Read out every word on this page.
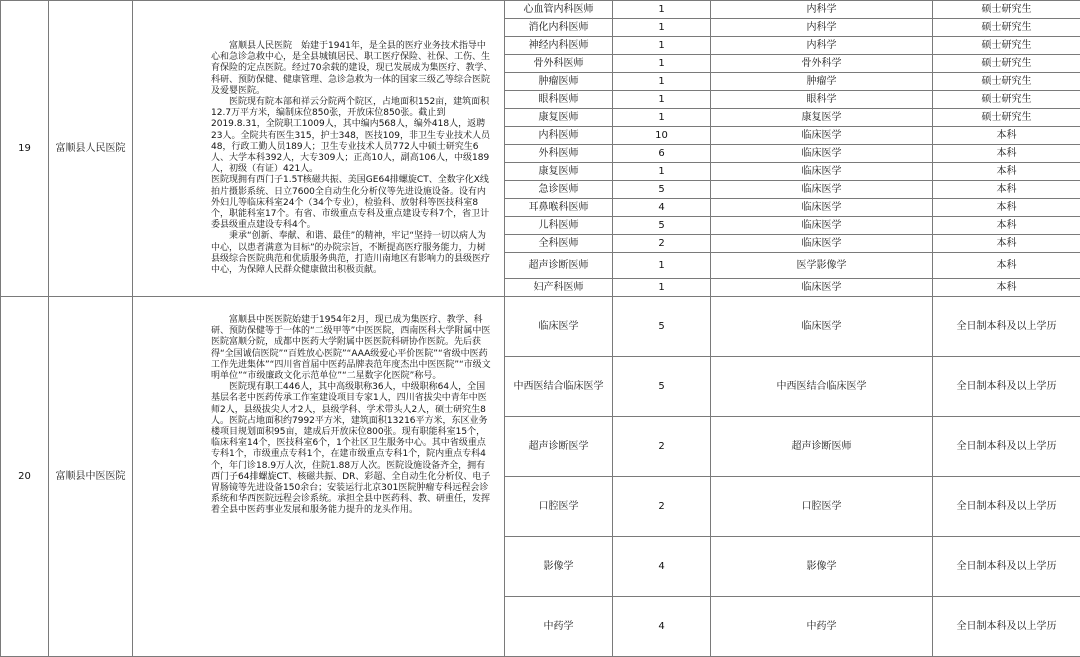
19	富顺县人民医院	富顺县人民医院　始建于1941年，是全县的医疗业务技术指导中心和急诊急救中心，是全县城镇居民、职工医疗保险、社保、工伤、生育保险的定点医院。经过70余载的建设，现已发展成为集医疗、教学、科研、预防保健、健康管理、急诊急救为一体的国家三级乙等综合医院及爱婴医院。

医院现有院本部和祥云分院两个院区，占地面积152亩，建筑面积12.7万平方米，编制床位850张，开放床位850张。截止到2019.8.31，全院职工1009人，其中编内568人，编外418人，返聘23人。全院共有医生315，护士348，医技109，非卫生专业技术人员48，行政工勤人员189人；卫生专业技术人员772人中硕士研究生6人、大学本科392人，大专309人；正高10人，副高106人，中级189人，初级（有证）421人。

医院现拥有西门子1.5T核磁共振、美国GE64排螺旋CT、全数字化X线拍片摄影系统、日立7600全自动生化分析仪等先进设施设备。设有内外妇儿等临床科室24个（34个专业），检验科、放射科等医技科室8个，职能科室17个。有省、市级重点专科及重点建设专科7个，省卫计委县级重点建设专科4个。

秉承“创新、奉献、和谐、最佳”的精神，牢记“坚持一切以病人为中心，以患者满意为目标”的办院宗旨，不断提高医疗服务能力，力树县级综合医院典范和优质服务典范，打造川南地区有影响力的县级医疗中心，为保障人民群众健康做出积极贡献。	心血管内科医师	1	内科学	硕士研究生
			消化内科医师	1	内科学	硕士研究生
			神经内科医师	1	内科学	硕士研究生
			骨外科医师	1	骨外科学	硕士研究生
			肿瘤医师	1	肿瘤学	硕士研究生
			眼科医师	1	眼科学	硕士研究生
			康复医师	1	康复医学	硕士研究生
			内科医师	10	临床医学	本科
			外科医师	6	临床医学	本科
			康复医师	1	临床医学	本科
			急诊医师	5	临床医学	本科
			耳鼻喉科医师	4	临床医学	本科
			儿科医师	5	临床医学	本科
			全科医师	2	临床医学	本科
			超声诊断医师	1	医学影像学	本科
			妇产科医师	1	临床医学	本科
20	富顺县中医医院	富顺县中医医院始建于1954年2月，现已成为集医疗、教学、科研、预防保健等于一体的“二级甲等”中医医院，西南医科大学附属中医医院富顺分院，成都中医药大学附属中医医院科研协作医院。先后获得“全国诚信医院”“百姓放心医院”“AAA级爱心平价医院”“省级中医药工作先进集体”“四川省首届中医药品牌表范年度杰出中医医院”“市级文明单位”“市级廉政文化示范单位”“二星数字化医院”称号。

医院现有职工446人，其中高级职称36人，中级职称64人，全国基层名老中医药传承工作室建设项目专家1人，四川省拔尖中青年中医师2人，县级拔尖人才2人，县级学科、学术带头人2人，硕士研究生8人。医院占地面积约7992平方米，建筑面积13216平方米，东区业务楼项目规划面积95亩，建成后开放床位800张。现有职能科室15个，临床科室14个，医技科室6个，1个社区卫生服务中心。其中省级重点专科1个，市级重点专科1个，在建市级重点专科1个，院内重点专科4个，年门诊18.9万人次，住院1.88万人次。医院设施设备齐全，拥有西门子64排螺旋CT、核磁共振、DR、彩超、全自动生化分析仪、电子胃肠镜等先进设备150余台；安装运行北京301医院肿瘤专科远程会诊系统和华西医院远程会诊系统。承担全县中医药科、教、研重任，发挥着全县中医药事业发展和服务能力提升的龙头作用。	临床医学	5	临床医学	全日制本科及以上学历
			中西医结合临床医学	5	中西医结合临床医学	全日制本科及以上学历
			超声诊断医学	2	超声诊断医师	全日制本科及以上学历
			口腔医学	2	口腔医学	全日制本科及以上学历
			影像学	4	影像学	全日制本科及以上学历
			中药学	4	中药学	全日制本科及以上学历
